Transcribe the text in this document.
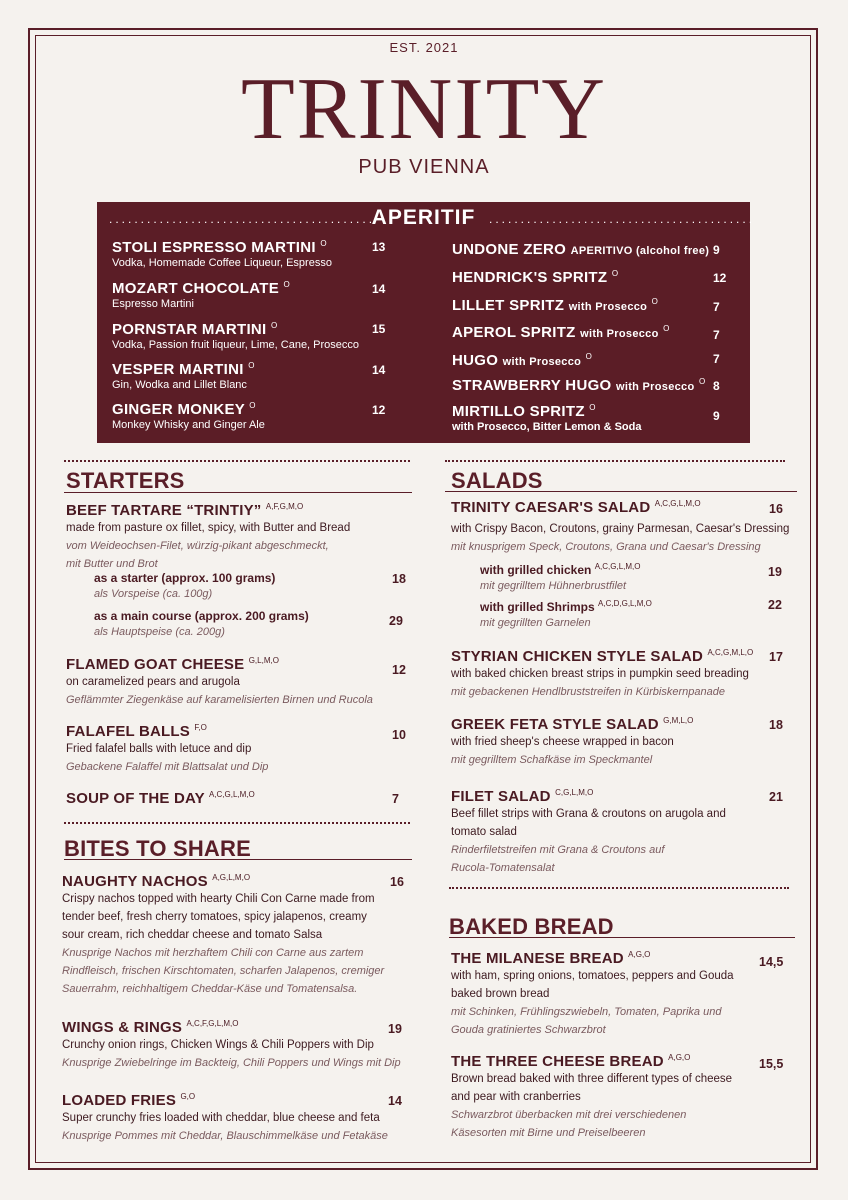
EST. 2021
TRINITY
PUB VIENNA
..........................................	..........................................
APERITIF
STOLI ESPRESSO MARTINI $^O$
Vodka, Homemade Coffee Liqueur, Espresso
13
MOZART CHOCOLATE $^O$
Espresso Martini
14
PORNSTAR MARTINI $^O$
Vodka, Passion fruit liqueur, Lime, Cane, Prosecco
15
VESPER MARTINI $^O$
Gin, Wodka and Lillet Blanc
14
GINGER MONKEY $^O$
Monkey Whisky and Ginger Ale
12
UNDONE ZERO APERITIVO (alcohol free) 9
HENDRICK'S SPRITZ $^O$	12
LILLET SPRITZ with Prosecco $^O$	7
APEROL SPRITZ with Prosecco $^O$	7
HUGO with Prosecco $^O$	7
STRAWBERRY HUGO with Prosecco $^O$ 8
MIRTILLO SPRITZ $^O$
with Prosecco, Bitter Lemon & Soda
9
STARTERS
BEEF TARTARE “TRINTIY” $^{A,F,G,M,O}$
made from pasture ox fillet, spicy, with Butter and Bread
vom Weideochsen-Filet, würzig-pikant abgeschmeckt, mit Butter und Brot
as a starter (approx. 100 grams)
als Vorspeise (ca. 100g)
18
as a main course (approx. 200 grams)
als Hauptspeise (ca. 200g)
29
FLAMED GOAT CHEESE $^{G,L,M,O}$
on caramelized pears and arugola
Geflämmter Ziegenkäse auf karamelisierten Birnen und Rucola
12
FALAFEL BALLS $^{F,O}$
Fried falafel balls with letuce and dip
Gebackene Falaffel mit Blattsalat und Dip
10
SOUP OF THE DAY $^{A,C,G,L,M,O}$	7
BITES TO SHARE
NAUGHTY NACHOS $^{A,G,L,M,O}$
Crispy nachos topped with hearty Chili Con Carne made from tender beef, fresh cherry tomatoes, spicy jalapenos, creamy sour cream, rich cheddar cheese and tomato Salsa
Knusprige Nachos mit herzhaftem Chili con Carne aus zartem Rindfleisch, frischen Kirschtomaten, scharfen Jalapenos, cremiger Sauerrahm, reichhaltigem Cheddar-Käse und Tomatensalsa.
16
WINGS & RINGS $^{A,C,F,G,L,M,O}$
Crunchy onion rings, Chicken Wings & Chili Poppers with Dip
Knusprige Zwiebelringe im Backteig, Chili Poppers und Wings mit Dip
19
LOADED FRIES $^{G,O}$
Super crunchy fries loaded with cheddar, blue cheese and feta
Knusprige Pommes mit Cheddar, Blauschimmelkäse und Fetakäse
14
SALADS
TRINITY CAESAR'S SALAD $^{A,C,G,L,M,O}$
with Crispy Bacon, Croutons, grainy Parmesan, Caesar's Dressing
mit knusprigem Speck, Croutons, Grana und Caesar's Dressing
16
with grilled chicken $^{A,C,G,L,M,O}$
mit gegrilltem Hühnerbrustfilet
19
with grilled Shrimps $^{A,C,D,G,L,M,O}$
mit gegrillten Garnelen
22
STYRIAN CHICKEN STYLE SALAD $^{A,C,G,M,L,O}$
with baked chicken breast strips in pumpkin seed breading
mit gebackenen Hendlbruststreifen in Kürbiskernpanade
17
GREEK FETA STYLE SALAD $^{G,M,L,O}$
with fried sheep's cheese wrapped in bacon
mit gegrilltem Schafkäse im Speckmantel
18
FILET SALAD $^{C,G,L,M,O}$
Beef fillet strips with Grana & croutons on arugola and tomato salad
Rinderfiletstreifen mit Grana & Croutons auf Rucola-Tomatensalat
21
BAKED BREAD
THE MILANESE BREAD $^{A,G,O}$
with ham, spring onions, tomatoes, peppers and Gouda baked brown bread
mit Schinken, Frühlingszwiebeln, Tomaten, Paprika und Gouda gratiniertes Schwarzbrot
14,5
THE THREE CHEESE BREAD $^{A,G,O}$
Brown bread baked with three different types of cheese and pear with cranberries
Schwarzbrot überbacken mit drei verschiedenen Käsesorten mit Birne und Preiselbeeren
15,5
